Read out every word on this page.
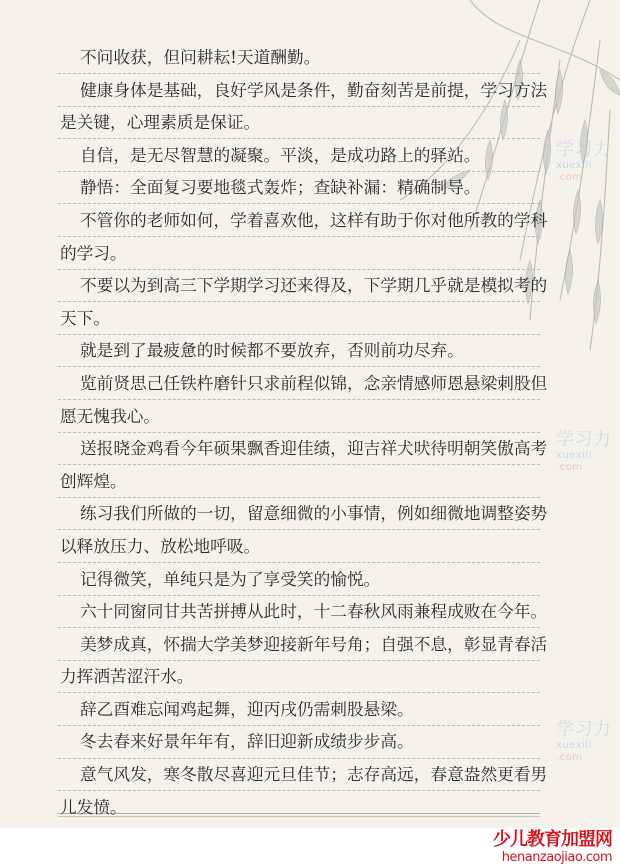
学习力
xuexili
.com
学习力
xuexili
.com
学习力
xuexili
.com

不问收获，但问耕耘!天道酬勤。

健康身体是基础，良好学风是条件，勤奋刻苦是前提，学习方法是关键，心理素质是保证。

自信，是无尽智慧的凝聚。平淡，是成功路上的驿站。

静悟：全面复习要地毯式轰炸；查缺补漏：精确制导。

不管你的老师如何，学着喜欢他，这样有助于你对他所教的学科的学习。

不要以为到高三下学期学习还来得及，下学期几乎就是模拟考的天下。

就是到了最疲惫的时候都不要放弃，否则前功尽弃。

览前贤思己任铁杵磨针只求前程似锦，念亲情感师恩悬梁刺股但愿无愧我心。

送报晓金鸡看今年硕果飘香迎佳绩，迎吉祥犬吠待明朝笑傲高考创辉煌。

练习我们所做的一切，留意细微的小事情，例如细微地调整姿势以释放压力、放松地呼吸。

记得微笑，单纯只是为了享受笑的愉悦。

六十同窗同甘共苦拼搏从此时，十二春秋风雨兼程成败在今年。

美梦成真，怀揣大学美梦迎接新年号角；自强不息，彰显青春活力挥洒苦涩汗水。

辞乙酉难忘闻鸡起舞，迎丙戌仍需刺股悬梁。

冬去春来好景年年有，辞旧迎新成绩步步高。

意气风发，寒冬散尽喜迎元旦佳节；志存高远，春意盎然更看男儿发愤。

少儿教育加盟网
henanzaojiao.com
